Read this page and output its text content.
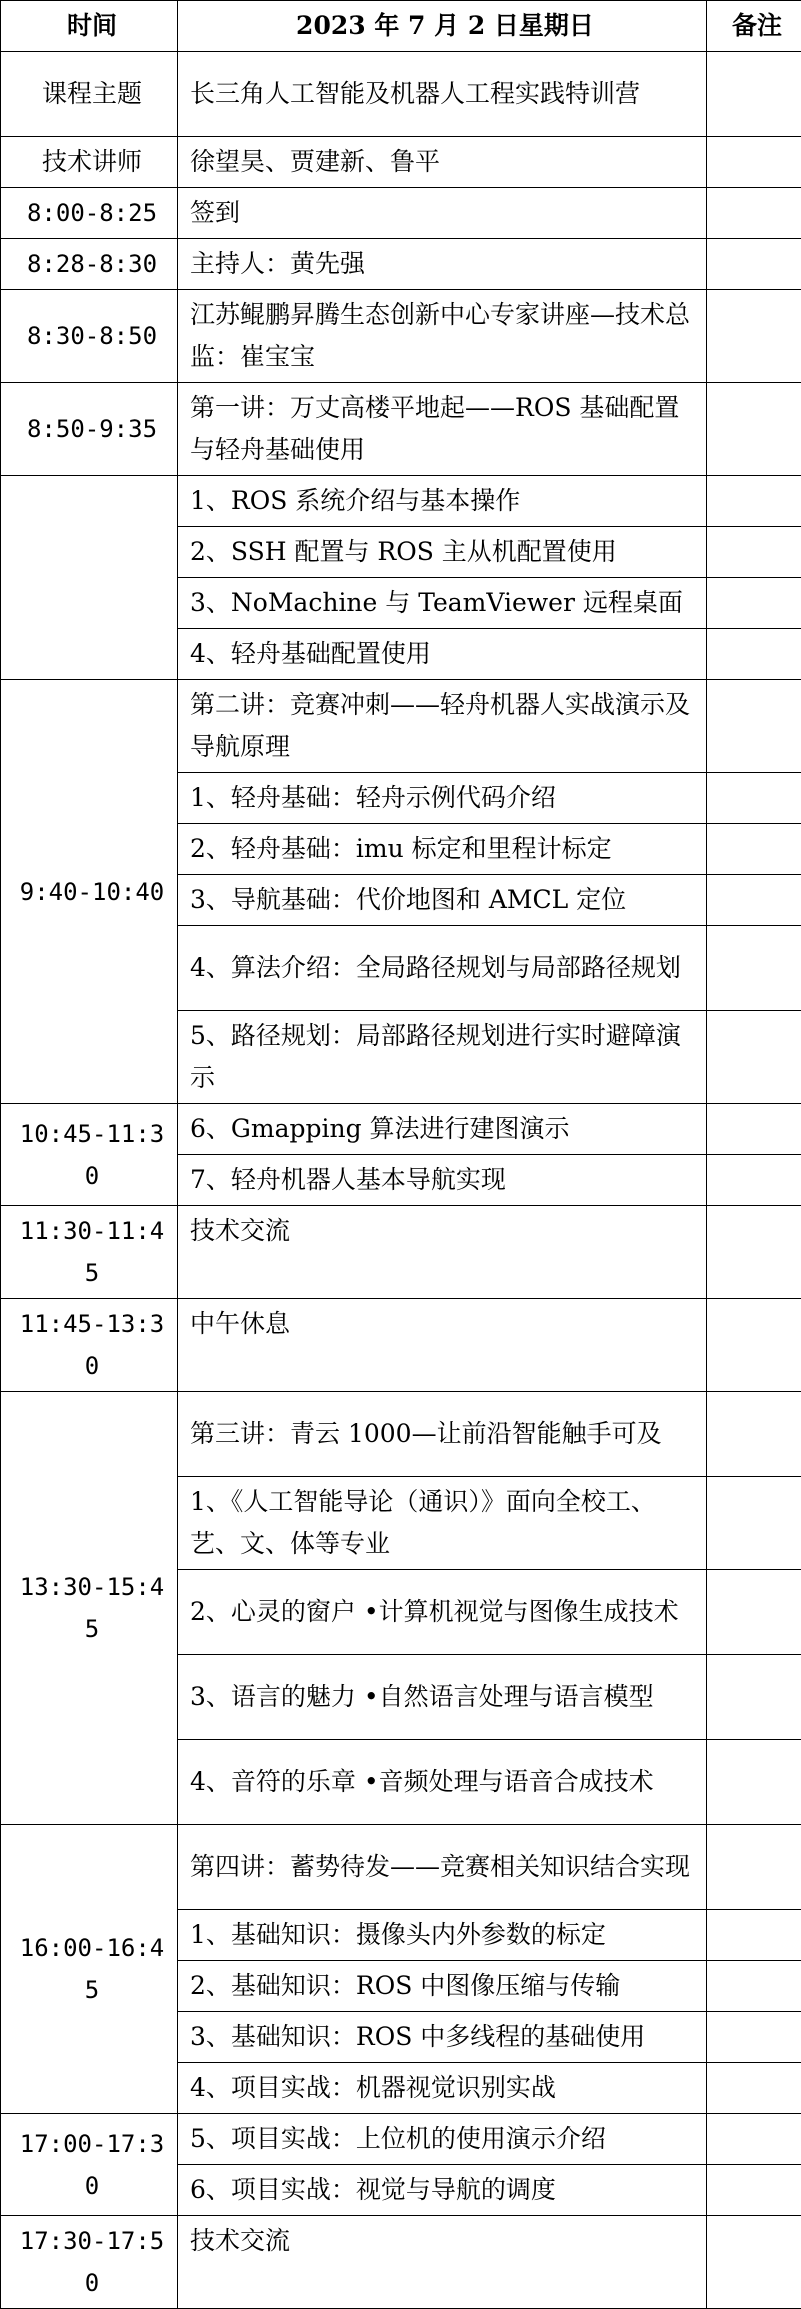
时间	2023 年 7 月 2 日星期日	备注
课程主题	长三角人工智能及机器人工程实践特训营	
技术讲师	徐望昊、贾建新、鲁平	
8:00-8:25	签到	
8:28-8:30	主持人：黄先强	
8:30-8:50	江苏鲲鹏昇腾生态创新中心专家讲座—技术总监：崔宝宝	
8:50-9:35	第一讲：万丈高楼平地起——ROS 基础配置与轻舟基础使用	
	1、ROS 系统介绍与基本操作	
	2、SSH 配置与 ROS 主从机配置使用	
	3、NoMachine 与 TeamViewer 远程桌面	
	4、轻舟基础配置使用	
9:40-10:40	第二讲：竞赛冲刺——轻舟机器人实战演示及导航原理	
	1、轻舟基础：轻舟示例代码介绍	
	2、轻舟基础：imu 标定和里程计标定	
	3、导航基础：代价地图和 AMCL 定位	
	4、算法介绍：全局路径规划与局部路径规划	
	5、路径规划：局部路径规划进行实时避障演示	
10:45-11:30	6、Gmapping 算法进行建图演示	
	7、轻舟机器人基本导航实现	
11:30-11:45	技术交流	
11:45-13:30	中午休息	
13:30-15:45	第三讲：青云 1000—让前沿智能触手可及	
	1、《人工智能导论（通识）》面向全校工、艺、文、体等专业	
	2、心灵的窗户 •计算机视觉与图像生成技术	
	3、语言的魅力 •自然语言处理与语言模型	
	4、音符的乐章 •音频处理与语音合成技术	
16:00-16:45	第四讲：蓄势待发——竞赛相关知识结合实现	
	1、基础知识：摄像头内外参数的标定	
	2、基础知识：ROS 中图像压缩与传输	
	3、基础知识：ROS 中多线程的基础使用	
	4、项目实战：机器视觉识别实战	
17:00-17:30	5、项目实战：上位机的使用演示介绍	
	6、项目实战：视觉与导航的调度	
17:30-17:50	技术交流	
